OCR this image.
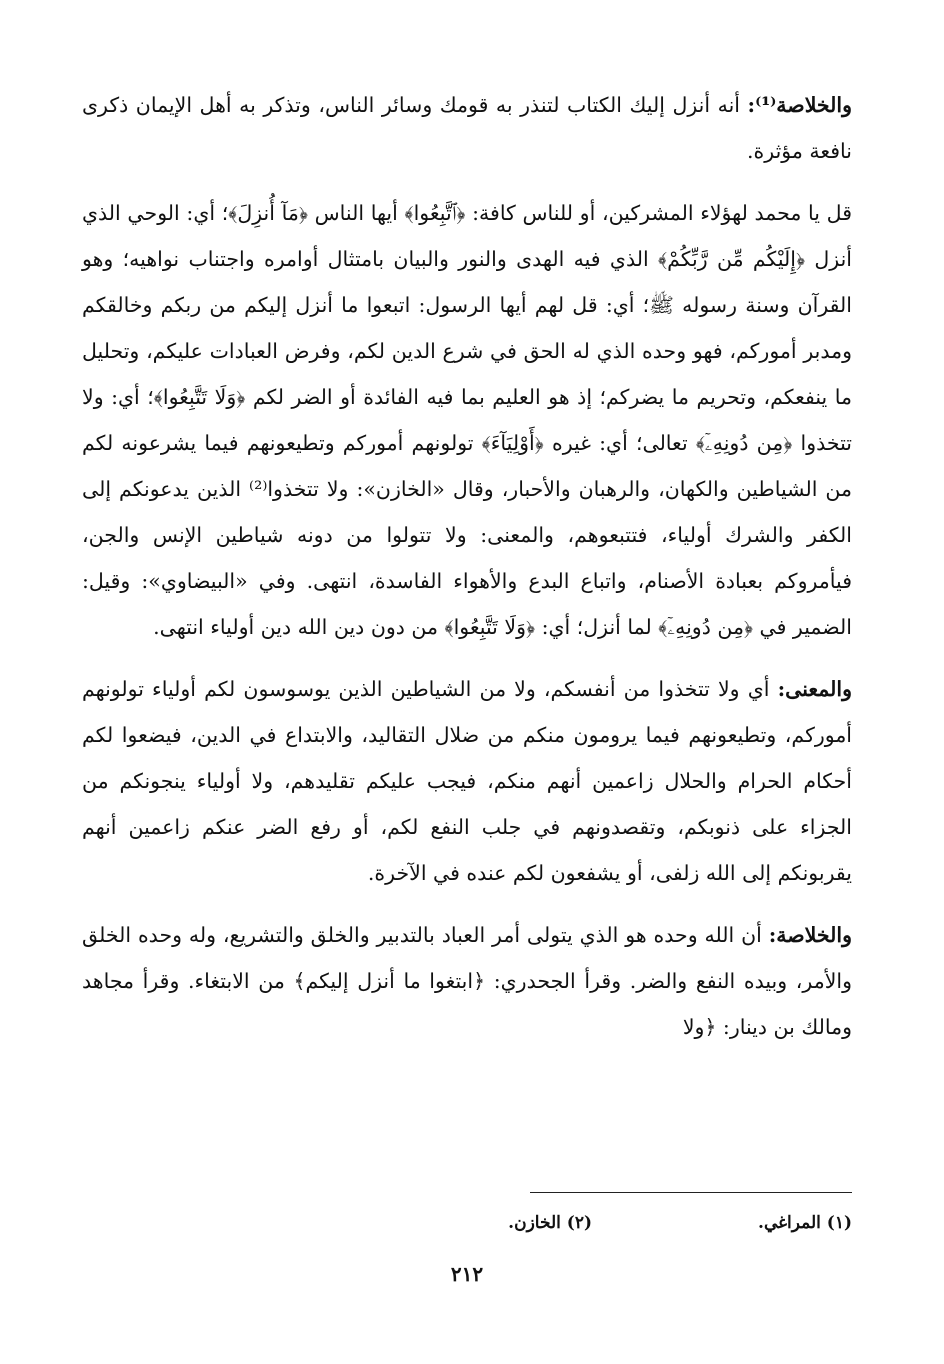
والخلاصة⁽¹⁾: أنه أنزل إليك الكتاب لتنذر به قومك وسائر الناس، وتذكر به أهل الإيمان ذكرى نافعة مؤثرة.

قل يا محمد لهؤلاء المشركين، أو للناس كافة: ﴿ٱتَّبِعُوا﴾ أيها الناس ﴿مَآ أُنزِلَ﴾؛ أي: الوحي الذي أنزل ﴿إِلَيْكُم مِّن رَّبِّكُمْ﴾ الذي فيه الهدى والنور والبيان بامتثال أوامره واجتناب نواهيه؛ وهو القرآن وسنة رسوله ﷺ؛ أي: قل لهم أيها الرسول: اتبعوا ما أنزل إليكم من ربكم وخالقكم ومدبر أموركم، فهو وحده الذي له الحق في شرع الدين لكم، وفرض العبادات عليكم، وتحليل ما ينفعكم، وتحريم ما يضركم؛ إذ هو العليم بما فيه الفائدة أو الضر لكم ﴿وَلَا تَتَّبِعُوا﴾؛ أي: ولا تتخذوا ﴿مِن دُونِهِۦٓ﴾ تعالى؛ أي: غيره ﴿أَوْلِيَآءَ﴾ تولونهم أموركم وتطيعونهم فيما يشرعونه لكم من الشياطين والكهان، والرهبان والأحبار، وقال «الخازن»: ولا تتخذوا⁽²⁾ الذين يدعونكم إلى الكفر والشرك أولياء، فتتبعوهم، والمعنى: ولا تتولوا من دونه شياطين الإنس والجن، فيأمروكم بعبادة الأصنام، واتباع البدع والأهواء الفاسدة، انتهى. وفي «البيضاوي»: وقيل: الضمير في ﴿مِن دُونِهِۦٓ﴾ لما أنزل؛ أي: ﴿وَلَا تَتَّبِعُوا﴾ من دون دين الله دين أولياء انتهى.

والمعنى: أي ولا تتخذوا من أنفسكم، ولا من الشياطين الذين يوسوسون لكم أولياء تولونهم أموركم، وتطيعونهم فيما يرومون منكم من ضلال التقاليد، والابتداع في الدين، فيضعوا لكم أحكام الحرام والحلال زاعمين أنهم منكم، فيجب عليكم تقليدهم، ولا أولياء ينجونكم من الجزاء على ذنوبكم، وتقصدونهم في جلب النفع لكم، أو رفع الضر عنكم زاعمين أنهم يقربونكم إلى الله زلفى، أو يشفعون لكم عنده في الآخرة.

والخلاصة: أن الله وحده هو الذي يتولى أمر العباد بالتدبير والخلق والتشريع، وله وحده الخلق والأمر، وبيده النفع والضر. وقرأ الجحدري: ﴿ابتغوا ما أنزل إليكم﴾ من الابتغاء. وقرأ مجاهد ومالك بن دينار: ﴿ولا

(١) المراغي.
(٢) الخازن.
٢١٢
